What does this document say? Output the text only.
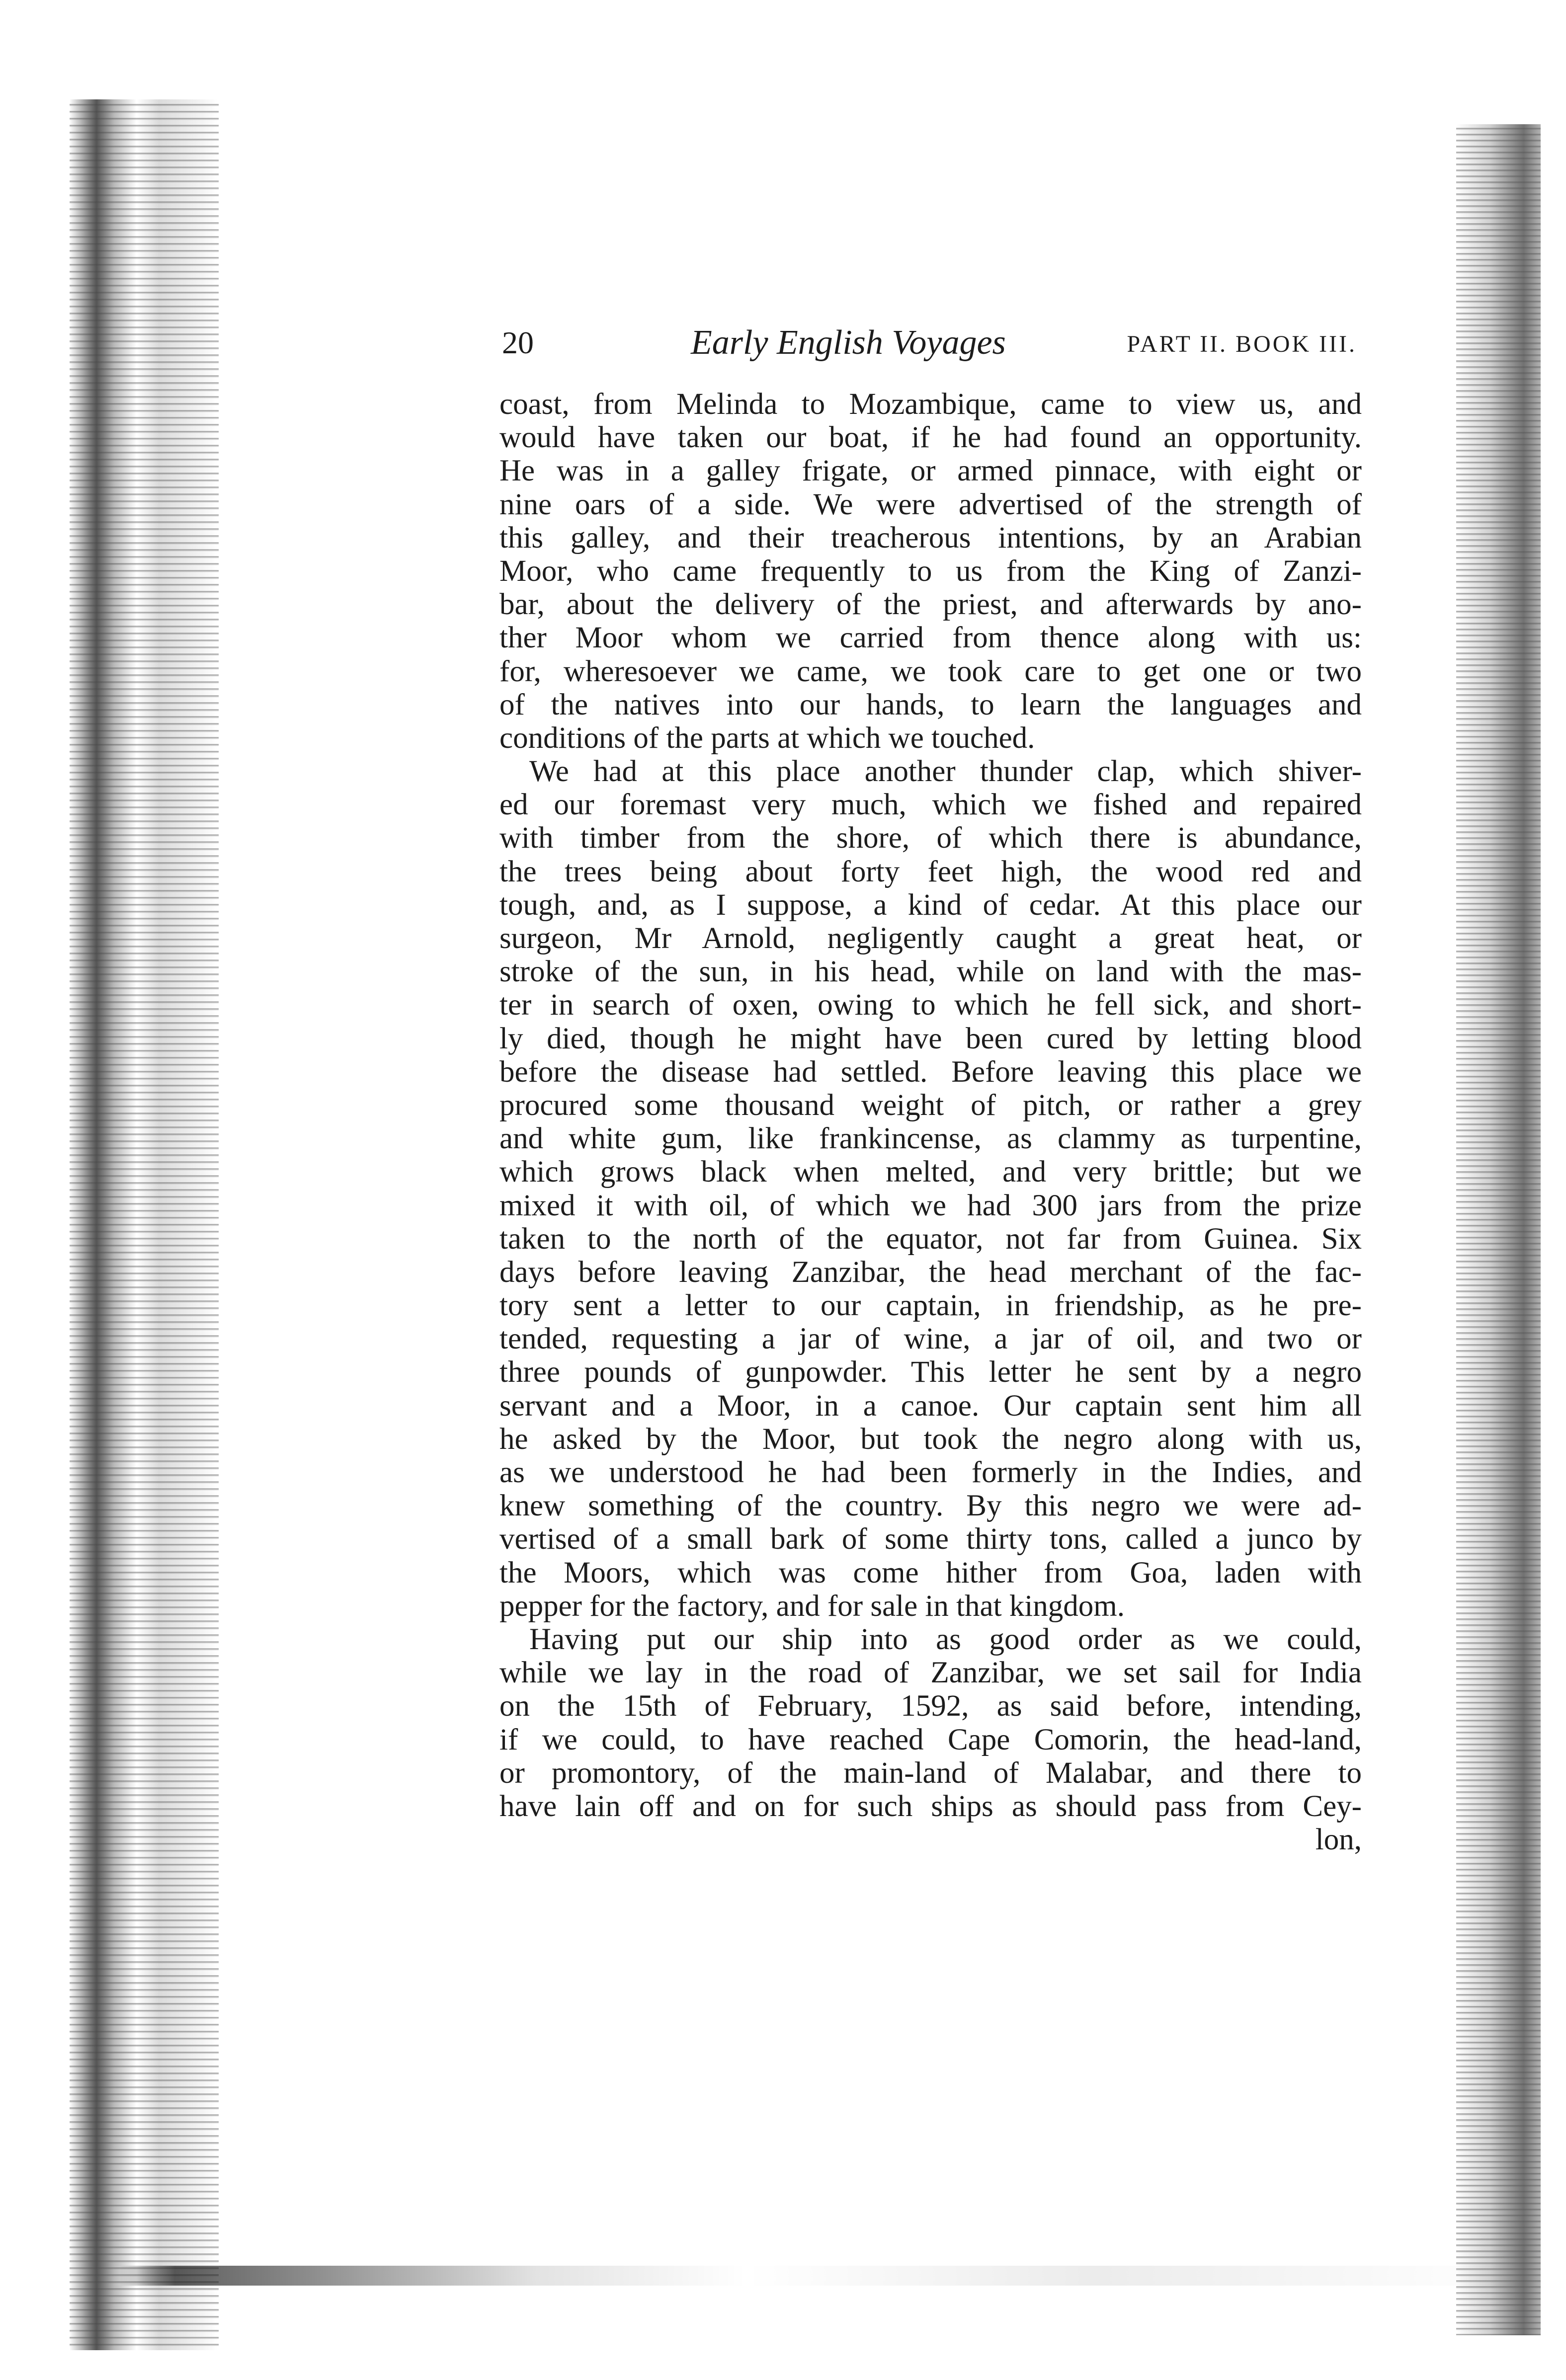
20	Early English Voyages	PART II. BOOK III.
coast, from Melinda to Mozambique, came to view us, and
would have taken our boat, if he had found an opportunity.
He was in a galley frigate, or armed pinnace, with eight or
nine oars of a side. We were advertised of the strength of
this galley, and their treacherous intentions, by an Arabian
Moor, who came frequently to us from the King of Zanzi-
bar, about the delivery of the priest, and afterwards by ano-
ther Moor whom we carried from thence along with us:
for, wheresoever we came, we took care to get one or two
of the natives into our hands, to learn the languages and
conditions of the parts at which we touched.
We had at this place another thunder clap, which shiver-
ed our foremast very much, which we fished and repaired
with timber from the shore, of which there is abundance,
the trees being about forty feet high, the wood red and
tough, and, as I suppose, a kind of cedar. At this place our
surgeon, Mr Arnold, negligently caught a great heat, or
stroke of the sun, in his head, while on land with the mas-
ter in search of oxen, owing to which he fell sick, and short-
ly died, though he might have been cured by letting blood
before the disease had settled. Before leaving this place we
procured some thousand weight of pitch, or rather a grey
and white gum, like frankincense, as clammy as turpentine,
which grows black when melted, and very brittle; but we
mixed it with oil, of which we had 300 jars from the prize
taken to the north of the equator, not far from Guinea. Six
days before leaving Zanzibar, the head merchant of the fac-
tory sent a letter to our captain, in friendship, as he pre-
tended, requesting a jar of wine, a jar of oil, and two or
three pounds of gunpowder. This letter he sent by a negro
servant and a Moor, in a canoe. Our captain sent him all
he asked by the Moor, but took the negro along with us,
as we understood he had been formerly in the Indies, and
knew something of the country. By this negro we were ad-
vertised of a small bark of some thirty tons, called a junco by
the Moors, which was come hither from Goa, laden with
pepper for the factory, and for sale in that kingdom.
Having put our ship into as good order as we could,
while we lay in the road of Zanzibar, we set sail for India
on the 15th of February, 1592, as said before, intending,
if we could, to have reached Cape Comorin, the head-land,
or promontory, of the main-land of Malabar, and there to
have lain off and on for such ships as should pass from Cey-
lon,
